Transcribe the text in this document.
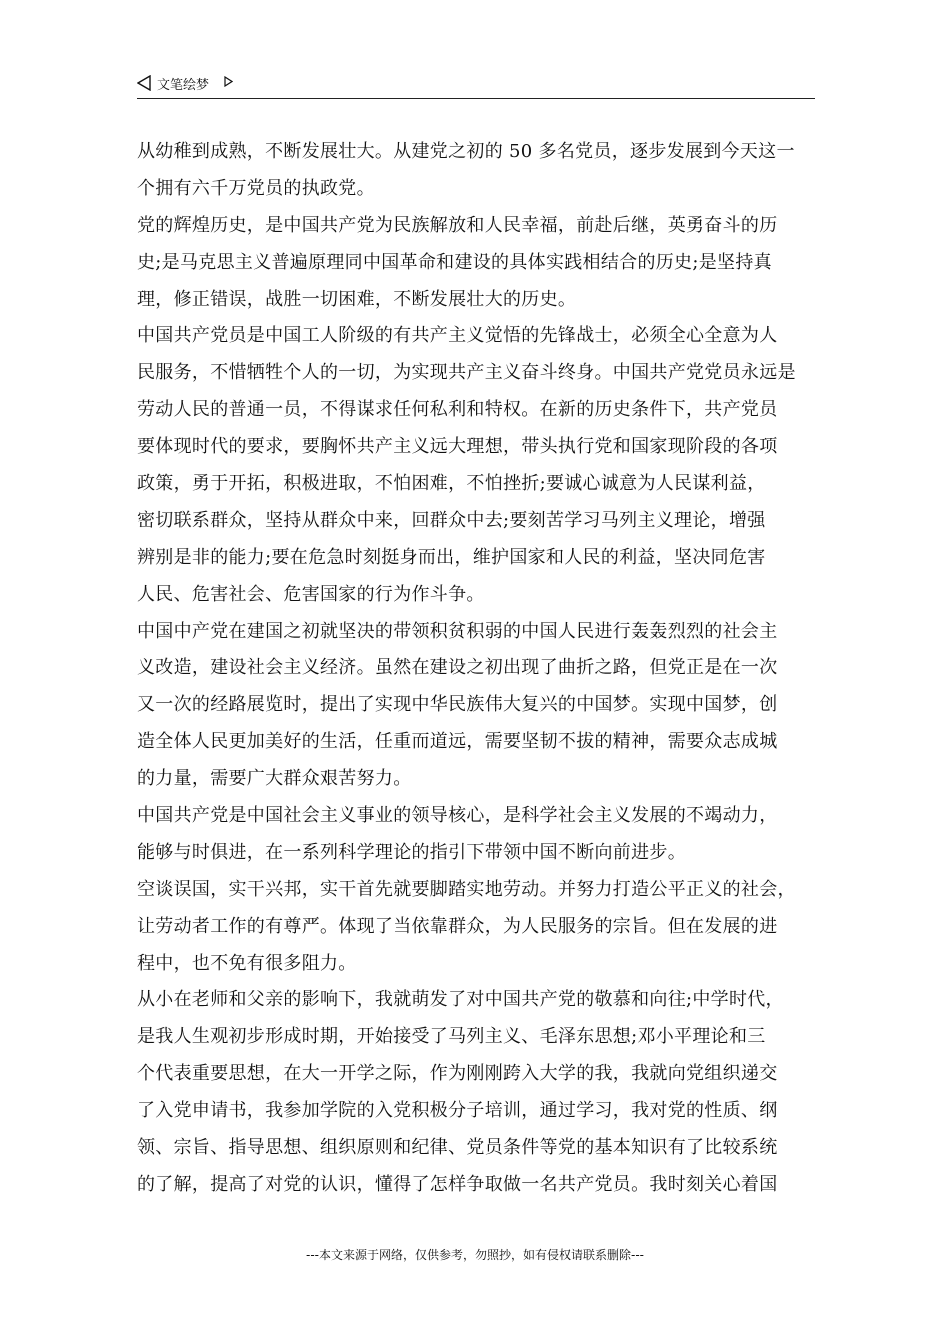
文笔绘梦
从幼稚到成熟，不断发展壮大。从建党之初的 50 多名党员，逐步发展到今天这一
个拥有六千万党员的执政党。
党的辉煌历史，是中国共产党为民族解放和人民幸福，前赴后继，英勇奋斗的历
史;是马克思主义普遍原理同中国革命和建设的具体实践相结合的历史;是坚持真
理，修正错误，战胜一切困难，不断发展壮大的历史。
中国共产党员是中国工人阶级的有共产主义觉悟的先锋战士，必须全心全意为人
民服务，不惜牺牲个人的一切，为实现共产主义奋斗终身。中国共产党党员永远是
劳动人民的普通一员，不得谋求任何私利和特权。在新的历史条件下，共产党员
要体现时代的要求，要胸怀共产主义远大理想，带头执行党和国家现阶段的各项
政策，勇于开拓，积极进取，不怕困难，不怕挫折;要诚心诚意为人民谋利益，
密切联系群众，坚持从群众中来，回群众中去;要刻苦学习马列主义理论，增强
辨别是非的能力;要在危急时刻挺身而出，维护国家和人民的利益，坚决同危害
人民、危害社会、危害国家的行为作斗争。
中国中产党在建国之初就坚决的带领积贫积弱的中国人民进行轰轰烈烈的社会主
义改造，建设社会主义经济。虽然在建设之初出现了曲折之路，但党正是在一次
又一次的经路展览时，提出了实现中华民族伟大复兴的中国梦。实现中国梦，创
造全体人民更加美好的生活，任重而道远，需要坚韧不拔的精神，需要众志成城
的力量，需要广大群众艰苦努力。
中国共产党是中国社会主义事业的领导核心，是科学社会主义发展的不竭动力，
能够与时俱进，在一系列科学理论的指引下带领中国不断向前进步。
空谈误国，实干兴邦，实干首先就要脚踏实地劳动。并努力打造公平正义的社会，
让劳动者工作的有尊严。体现了当依靠群众，为人民服务的宗旨。但在发展的进
程中，也不免有很多阻力。
从小在老师和父亲的影响下，我就萌发了对中国共产党的敬慕和向往;中学时代，
是我人生观初步形成时期，开始接受了马列主义、毛泽东思想;邓小平理论和三
个代表重要思想，在大一开学之际，作为刚刚跨入大学的我，我就向党组织递交
了入党申请书，我参加学院的入党积极分子培训，通过学习，我对党的性质、纲
领、宗旨、指导思想、组织原则和纪律、党员条件等党的基本知识有了比较系统
的了解，提高了对党的认识，懂得了怎样争取做一名共产党员。我时刻关心着国
---本文来源于网络，仅供参考，勿照抄，如有侵权请联系删除---
